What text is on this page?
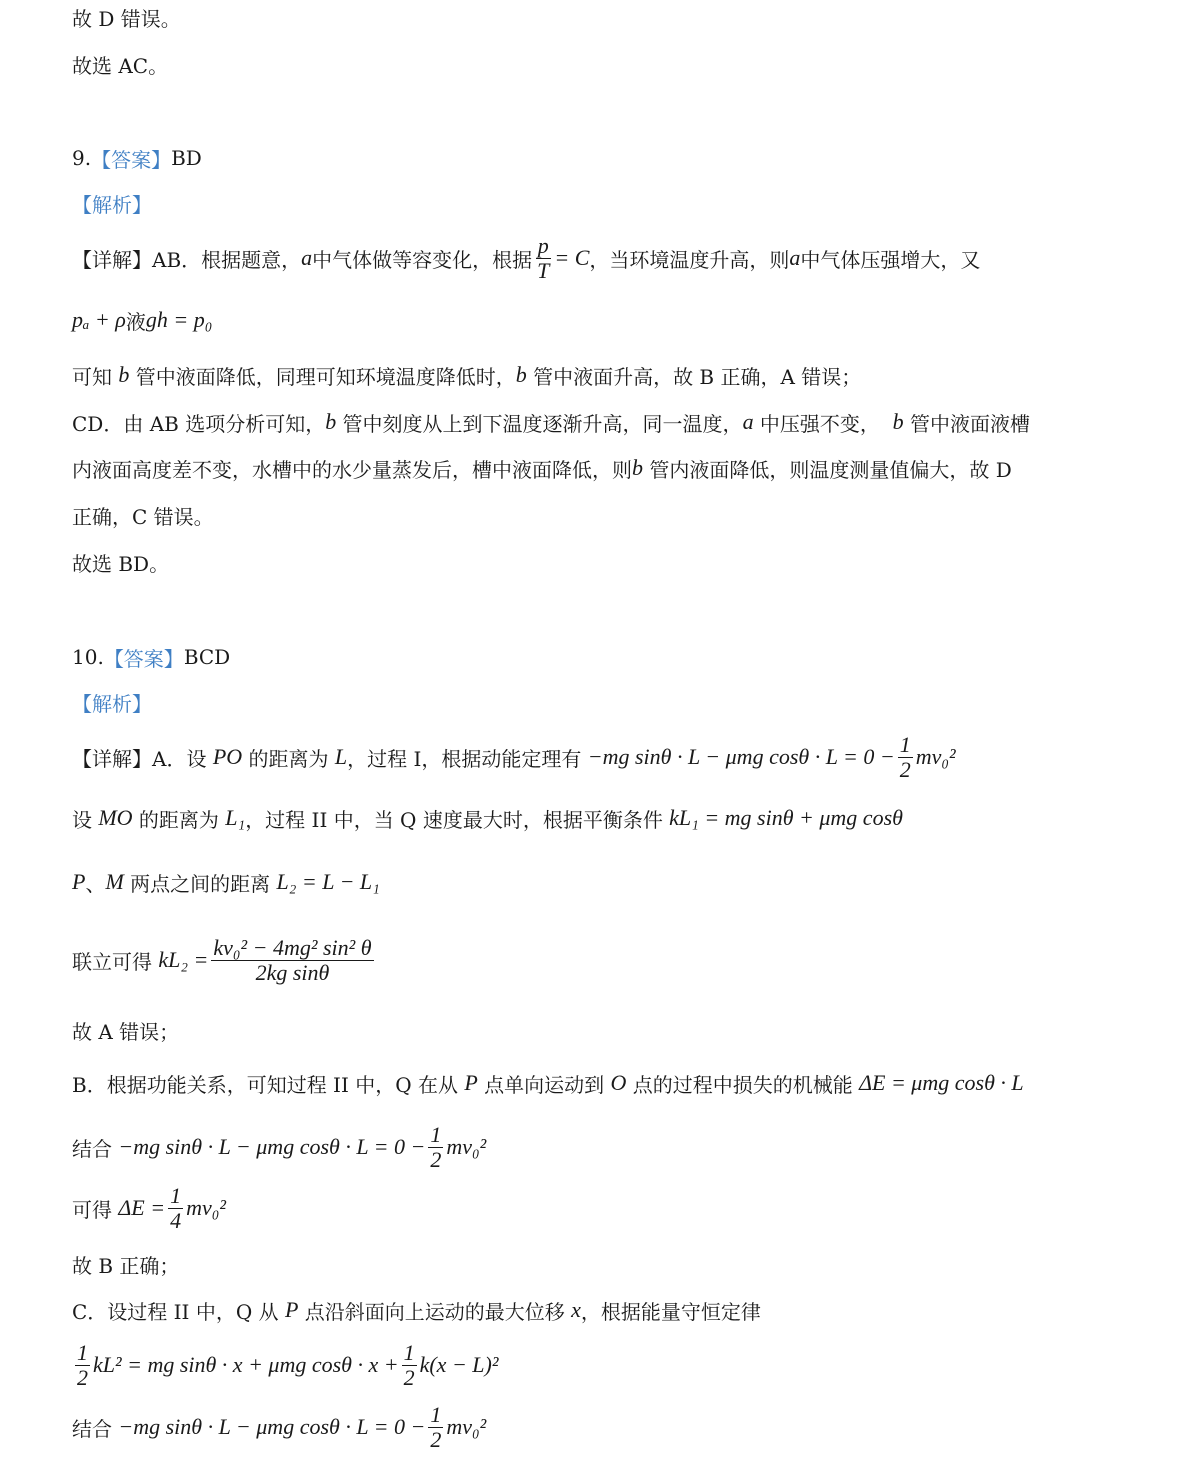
故 D 错误。
故选 AC。
9. 【答案】 BD
【解析】
【详解】AB．根据题意， a 中气体做等容变化，根据 $\frac{p}{T} = C$ ，当环境温度升高，则 a 中气体压强增大，又
pₐ + ρ 液 gh = p₀
可知 b 管中液面降低，同理可知环境温度降低时， b 管中液面升高，故 B 正确，A 错误；
CD．由 AB 选项分析可知， b 管中刻度从上到下温度逐渐升高，同一温度， a 中压强不变， b 管中液面液槽
内液面高度差不变，水槽中的水少量蒸发后，槽中液面降低，则 b 管内液面降低，则温度测量值偏大，故 D
正确，C 错误。
故选 BD。
10. 【答案】 BCD
【解析】
【详解】A．设 PO 的距离为 L ，过程 I，根据动能定理有 −mg sinθ · L − μmg $\cos\theta \cdot L = 0 - \frac{1}{2} mv_0^2$
设 MO 的距离为 L₁ ，过程 II 中，当 Q 速度最大时，根据平衡条件 kL₁ = mg sinθ + μmg cosθ
P 、 M 两点之间的距离 L₂ = L − L₁
联立可得 $kL_2 = \frac{\text{kv₀² − 4mg² sin² θ}}{\text{2kg sinθ}}$
故 A 错误；
B．根据功能关系，可知过程 II 中，Q 在从 P 点单向运动到 O 点的过程中损失的机械能 ΔE = μmg cosθ · L
结合 −mg sinθ · L − μmg $\cos\theta \cdot L = 0 - \frac{1}{2} mv_0^2$
可得 $\Delta E = \frac{1}{4} mv_0^2$
故 B 正确；
C．设过程 II 中，Q 从 P 点沿斜面向上运动的最大位移 x ，根据能量守恒定律
$\frac{1}{2} kL^2$ = mg sinθ · x + μmg $\cos\theta \cdot x + \frac{1}{2} k(x - L)^2$
结合 −mg sinθ · L − μmg $\cos\theta \cdot L = 0 - \frac{1}{2} mv_0^2$
